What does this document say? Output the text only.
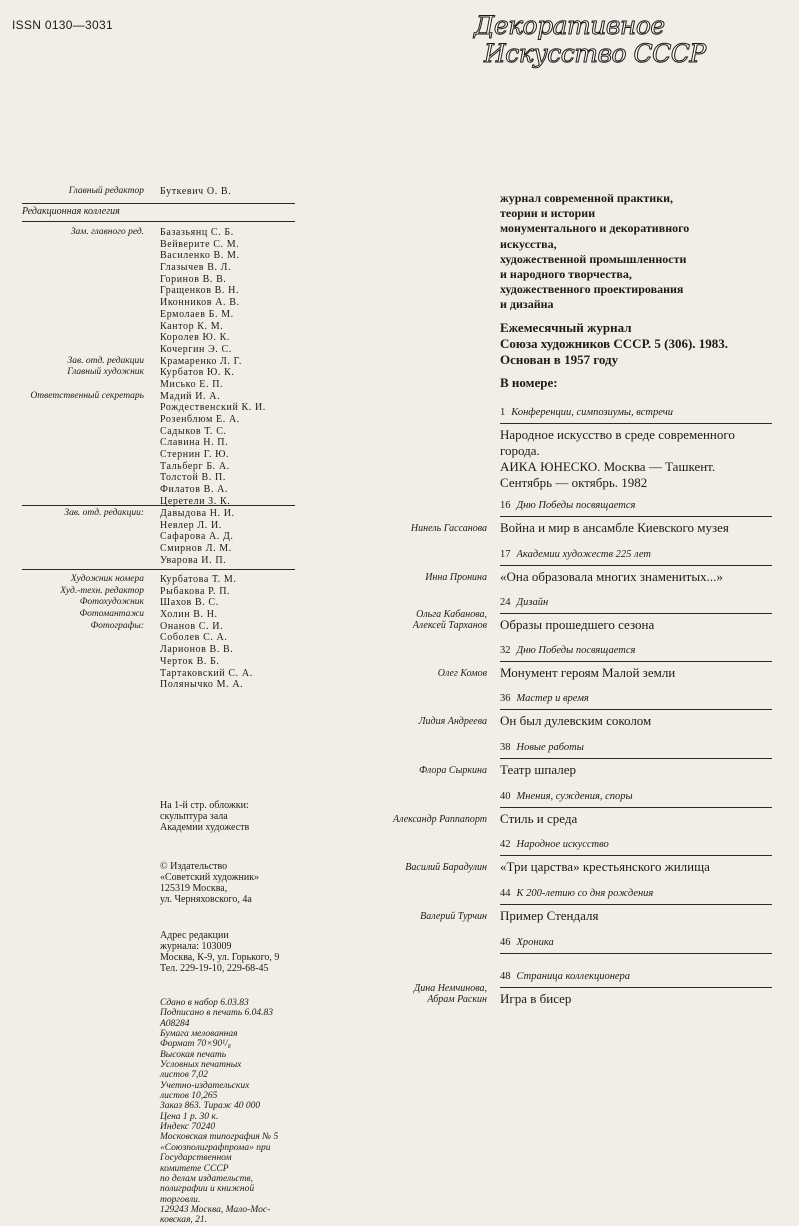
ISSN 0130—3031	Декоративное
Искусство СССР
Главный редактор Буткевич О. В.
Редакционная коллегия
Зам. главного ред.
Зав. отд. редакции
Главный художник
Ответственный секретарь
Базазьянц С. Б.
Вейверите С. М.
Василенко В. М.
Глазычев В. Л.
Горинов В. В.
Гращенков В. Н.
Иконников А. В.
Ермолаев Б. М.
Кантор К. М.
Королев Ю. К.
Кочергин Э. С.
Крамаренко Л. Г.
Курбатов Ю. К.
Мисько Е. П.
Мадий И. А.
Рождественский К. И.
Розенблюм Е. А.
Садыков Т. С.
Славина Н. П.
Стернин Г. Ю.
Тальберг Б. А.
Толстой В. П.
Филатов В. А.
Церетели З. К.
Зав. отд. редакции: Давыдова Н. И.
Невлер Л. И.
Сафарова А. Д.
Смирнов Л. М.
Уварова И. П.
Художник номера
Худ.-техн. редактор
Фотохудожник
Фотомантажи
Фотографы:
Курбатова Т. М.
Рыбакова Р. П.
Шахов В. С.
Холин В. Н.
Онанов С. И.
Соболев С. А.
Ларионов В. В.
Черток В. Б.
Тартаковский С. А.
Полянычко М. А.
На 1-й стр. обложки:
скульптура зала
Академии художеств
© Издательство
«Советский художник»
125319 Москва,
ул. Черняховского, 4а
Адрес редакции
журнала: 103009
Москва, К-9, ул. Горького, 9
Тел. 229-19-10, 229-68-45
Сдано в набор 6.03.83
Подписано в печать 6.04.83
А08284
Бумага мелованная
Формат 70×90¹/₈
Высокая печать
Условных печатных
листов 7,02
Учетно-издательских
листов 10,265
Заказ 863. Тираж 40 000
Цена 1 р. 30 к.
Индекс 70240
Московская типография № 5
«Союзполиграфпрома» при
Государственном
комитете СССР
по делам издательств,
полиграфии и книжной
торговли.
129243 Москва, Мало-Мос-
ковская, 21.
журнал современной практики,
теории и истории
монументального и декоративного
искусства,
художественной промышленности
и народного творчества,
художественного проектирования
и дизайна
Ежемесячный журнал
Союза художников СССР. 5 (306). 1983.
Основан в 1957 году
В номере:
1 Конференции, симпозиумы, встречи
Народное искусство в среде современного
города.
АИКА ЮНЕСКО. Москва — Ташкент.
Сентябрь — октябрь. 1982
16 Дню Победы посвящается
Война и мир в ансамбле Киевского музея
Нинель Гассанова
17 Академии художеств 225 лет
«Она образовала многих знаменитых...»
Инна Пронина
24 Дизайн
Образы прошедшего сезона
Ольга Кабанова,
Алексей Тарханов
32 Дню Победы посвящается
Монумент героям Малой земли
Олег Комов
36 Мастер и время
Он был дулевским соколом
Лидия Андреева
38 Новые работы
Театр шпалер
Флора Сыркина
40 Мнения, суждения, споры
Стиль и среда
Александр Раппапорт
42 Народное искусство
«Три царства» крестьянского жилища
Василий Барадулин
44 К 200-летию со дня рождения
Пример Стендаля
Валерий Турчин
46 Хроника
48 Страница коллекционера
Игра в бисер
Дина Немчинова,
Абрам Раскин
